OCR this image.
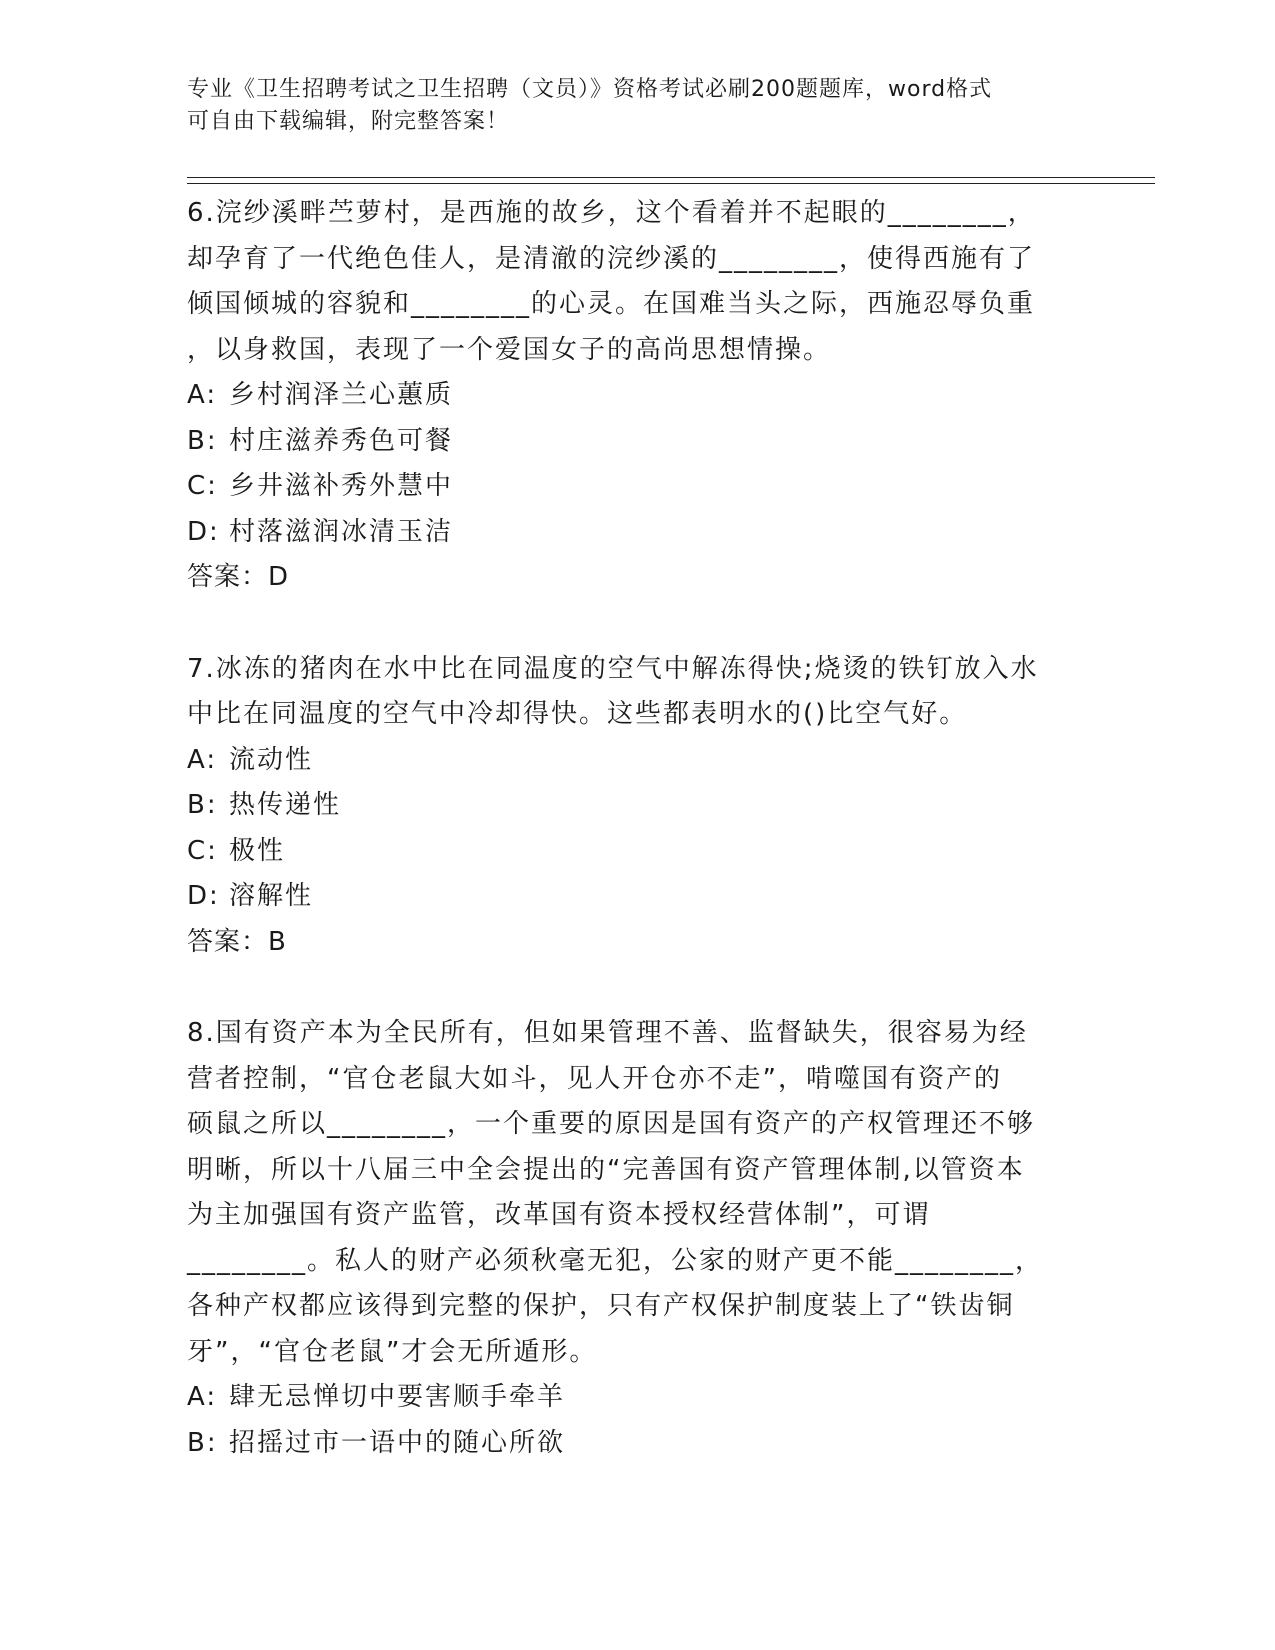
专业《卫生招聘考试之卫生招聘（文员）》资格考试必刷200题题库，word格式
可自由下载编辑，附完整答案！
6.浣纱溪畔苎萝村，是西施的故乡，这个看着并不起眼的________，
却孕育了一代绝色佳人，是清澈的浣纱溪的________，使得西施有了
倾国倾城的容貌和________的心灵。在国难当头之际，西施忍辱负重
，以身救国，表现了一个爱国女子的高尚思想情操。
A: 乡村润泽兰心蕙质
B: 村庄滋养秀色可餐
C: 乡井滋补秀外慧中
D: 村落滋润冰清玉洁
答案：D
7.冰冻的猪肉在水中比在同温度的空气中解冻得快;烧烫的铁钉放入水
中比在同温度的空气中冷却得快。这些都表明水的()比空气好。
A: 流动性
B: 热传递性
C: 极性
D: 溶解性
答案：B
8.国有资产本为全民所有，但如果管理不善、监督缺失，很容易为经
营者控制，“官仓老鼠大如斗，见人开仓亦不走”，啃噬国有资产的
硕鼠之所以________，一个重要的原因是国有资产的产权管理还不够
明晰，所以十八届三中全会提出的“完善国有资产管理体制,以管资本
为主加强国有资产监管，改革国有资本授权经营体制”，可谓
________。私人的财产必须秋毫无犯，公家的财产更不能________，
各种产权都应该得到完整的保护，只有产权保护制度装上了“铁齿铜
牙”，“官仓老鼠”才会无所遁形。
A: 肆无忌惮切中要害顺手牵羊
B: 招摇过市一语中的随心所欲
